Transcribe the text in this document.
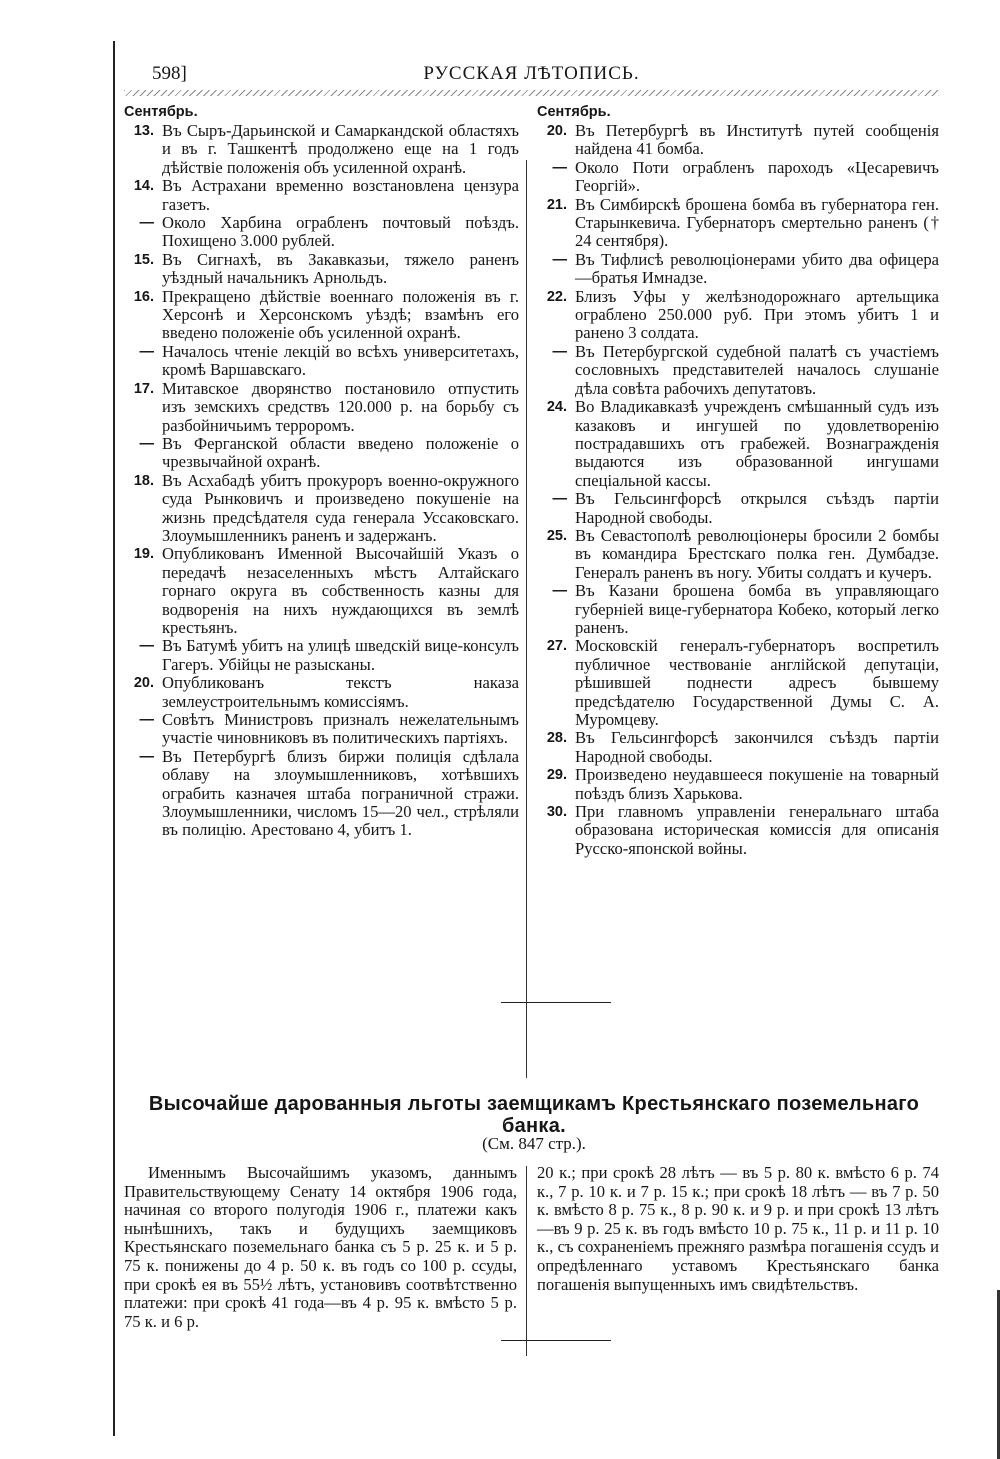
598]	РУССКАЯ ЛѢТОПИСЬ.
Сентябрь.
13. Въ Сыръ-Дарьинской и Самаркандской областяхъ и въ г. Ташкентѣ продолжено еще на 1 годъ дѣйствіе положенія объ усиленной охранѣ.
14. Въ Астрахани временно возстановлена цензура газетъ.
— Около Харбина ограбленъ почтовый поѣздъ. Похищено 3.000 рублей.
15. Въ Сигнахѣ, въ Закавказьи, тяжело раненъ уѣздный начальникъ Арнольдъ.
16. Прекращено дѣйствіе военнаго положенія въ г. Херсонѣ и Херсонскомъ уѣздѣ; взамѣнъ его введено положеніе объ усиленной охранѣ.
— Началось чтеніе лекцій во всѣхъ университетахъ, кромѣ Варшавскаго.
17. Митавское дворянство постановило отпустить изъ земскихъ средствъ 120.000 р. на борьбу съ разбойничьимъ терроромъ.
— Въ Ферганской области введено положеніе о чрезвычайной охранѣ.
18. Въ Асхабадѣ убитъ прокуроръ военно-окружного суда Рынковичъ и произведено покушеніе на жизнь предсѣдателя суда генерала Уссаковскаго. Злоумышленникъ раненъ и задержанъ.
19. Опубликованъ Именной Высочайшій Указъ о передачѣ незаселенныхъ мѣстъ Алтайскаго горнаго округа въ собственность казны для водворенія на нихъ нуждающихся въ землѣ крестьянъ.
— Въ Батумѣ убитъ на улицѣ шведскій вице-консулъ Гагеръ. Убійцы не разысканы.
20. Опубликованъ текстъ наказа землеустроительнымъ комиссіямъ.
— Совѣтъ Министровъ призналъ нежелательнымъ участіе чиновниковъ въ политическихъ партіяхъ.
— Въ Петербургѣ близъ биржи полиція сдѣлала облаву на злоумышленниковъ, хотѣвшихъ ограбить казначея штаба пограничной стражи. Злоумышленники, числомъ 15—20 чел., стрѣляли въ полицію. Арестовано 4, убитъ 1.
Сентябрь.
20. Въ Петербургѣ въ Институтѣ путей сообщенія найдена 41 бомба.
— Около Поти ограбленъ пароходъ «Цесаревичъ Георгій».
21. Въ Симбирскѣ брошена бомба въ губернатора ген. Старынкевича. Губернаторъ смертельно раненъ († 24 сентября).
— Въ Тифлисѣ революціонерами убито два офицера—братья Имнадзе.
22. Близъ Уфы у желѣзнодорожнаго артельщика ограблено 250.000 руб. При этомъ убитъ 1 и ранено 3 солдата.
— Въ Петербургской судебной палатѣ съ участіемъ сословныхъ представителей началось слушаніе дѣла совѣта рабочихъ депутатовъ.
24. Во Владикавказѣ учрежденъ смѣшанный судъ изъ казаковъ и ингушей по удовлетворенію пострадавшихъ отъ грабежей. Вознагражденія выдаются изъ образованной ингушами спеціальной кассы.
— Въ Гельсингфорсѣ открылся съѣздъ партіи Народной свободы.
25. Въ Севастополѣ революціонеры бросили 2 бомбы въ командира Брестскаго полка ген. Думбадзе. Генералъ раненъ въ ногу. Убиты солдатъ и кучеръ.
— Въ Казани брошена бомба въ управляющаго губерніей вице-губернатора Кобеко, который легко раненъ.
27. Московскій генералъ-губернаторъ воспретилъ публичное чествованіе англійской депутаціи, рѣшившей поднести адресъ бывшему предсѣдателю Государственной Думы С. А. Муромцеву.
28. Въ Гельсингфорсѣ закончился съѣздъ партіи Народной свободы.
29. Произведено неудавшееся покушеніе на товарный поѣздъ близъ Харькова.
30. При главномъ управленіи генеральнаго штаба образована историческая комиссія для описанія Русско-японской войны.
Высочайше дарованныя льготы заемщикамъ Крестьянскаго поземельнаго
банка.
(См. 847 стр.).
Именнымъ Высочайшимъ указомъ, даннымъ Правительствующему Сенату 14 октября 1906 года, начиная со второго полугодія 1906 г., платежи какъ нынѣшнихъ, такъ и будущихъ заемщиковъ Крестьянскаго поземельнаго банка съ 5 р. 25 к. и 5 р. 75 к. понижены до 4 р. 50 к. въ годъ со 100 р. ссуды, при срокѣ ея въ 55½ лѣтъ, установивъ соотвѣтственно платежи: при срокѣ 41 года—въ 4 р. 95 к. вмѣсто 5 р. 75 к. и 6 р.
20 к.; при срокѣ 28 лѣтъ — въ 5 р. 80 к. вмѣсто 6 р. 74 к., 7 р. 10 к. и 7 р. 15 к.; при срокѣ 18 лѣтъ — въ 7 р. 50 к. вмѣсто 8 р. 75 к., 8 р. 90 к. и 9 р. и при срокѣ 13 лѣтъ—въ 9 р. 25 к. въ годъ вмѣсто 10 р. 75 к., 11 р. и 11 р. 10 к., съ сохраненіемъ прежняго размѣра погашенія ссудъ и опредѣленнаго уставомъ Крестьянскаго банка погашенія выпущенныхъ имъ свидѣтельствъ.
